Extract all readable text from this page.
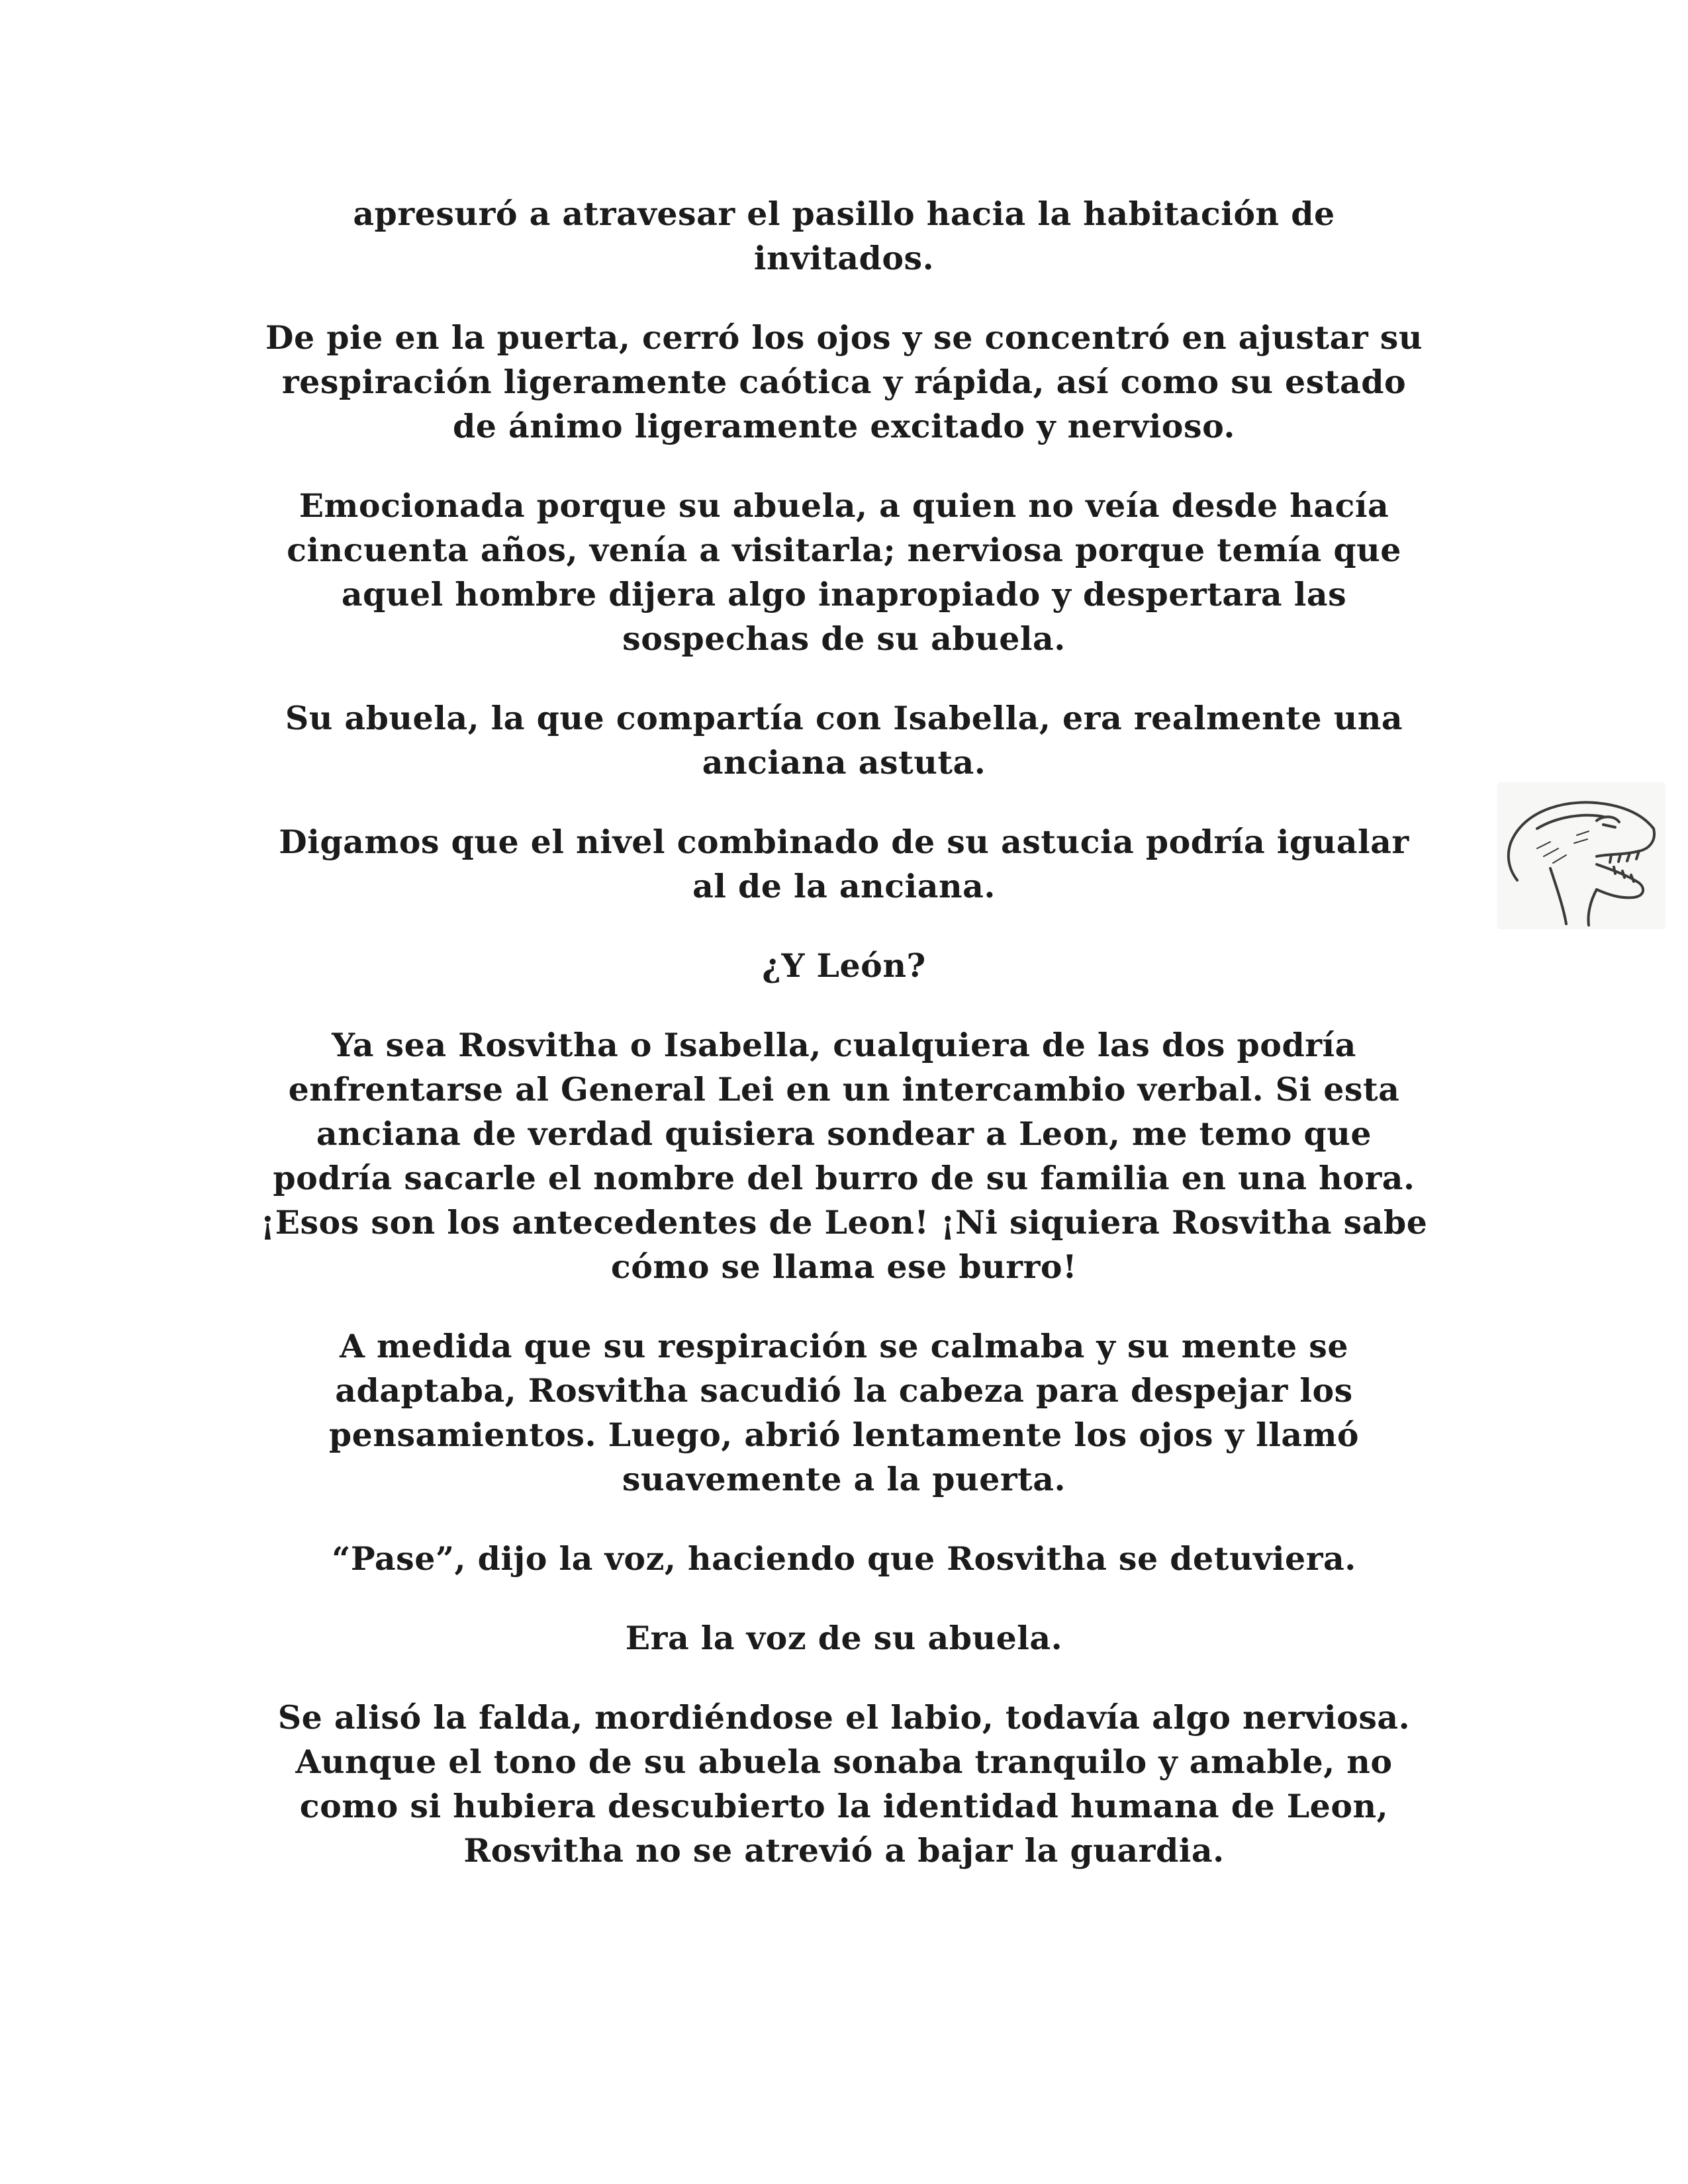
apresuró a atravesar el pasillo hacia la habitación de
invitados.

De pie en la puerta, cerró los ojos y se concentró en ajustar su
respiración ligeramente caótica y rápida, así como su estado
de ánimo ligeramente excitado y nervioso.

Emocionada porque su abuela, a quien no veía desde hacía
cincuenta años, venía a visitarla; nerviosa porque temía que
aquel hombre dijera algo inapropiado y despertara las
sospechas de su abuela.

Su abuela, la que compartía con Isabella, era realmente una
anciana astuta.

Digamos que el nivel combinado de su astucia podría igualar
al de la anciana.

¿Y León?

Ya sea Rosvitha o Isabella, cualquiera de las dos podría
enfrentarse al General Lei en un intercambio verbal. Si esta
anciana de verdad quisiera sondear a Leon, me temo que
podría sacarle el nombre del burro de su familia en una hora.
¡Esos son los antecedentes de Leon! ¡Ni siquiera Rosvitha sabe
cómo se llama ese burro!

A medida que su respiración se calmaba y su mente se
adaptaba, Rosvitha sacudió la cabeza para despejar los
pensamientos. Luego, abrió lentamente los ojos y llamó
suavemente a la puerta.

“Pase”, dijo la voz, haciendo que Rosvitha se detuviera.

Era la voz de su abuela.

Se alisó la falda, mordiéndose el labio, todavía algo nerviosa.
Aunque el tono de su abuela sonaba tranquilo y amable, no
como si hubiera descubierto la identidad humana de Leon,
Rosvitha no se atrevió a bajar la guardia.
